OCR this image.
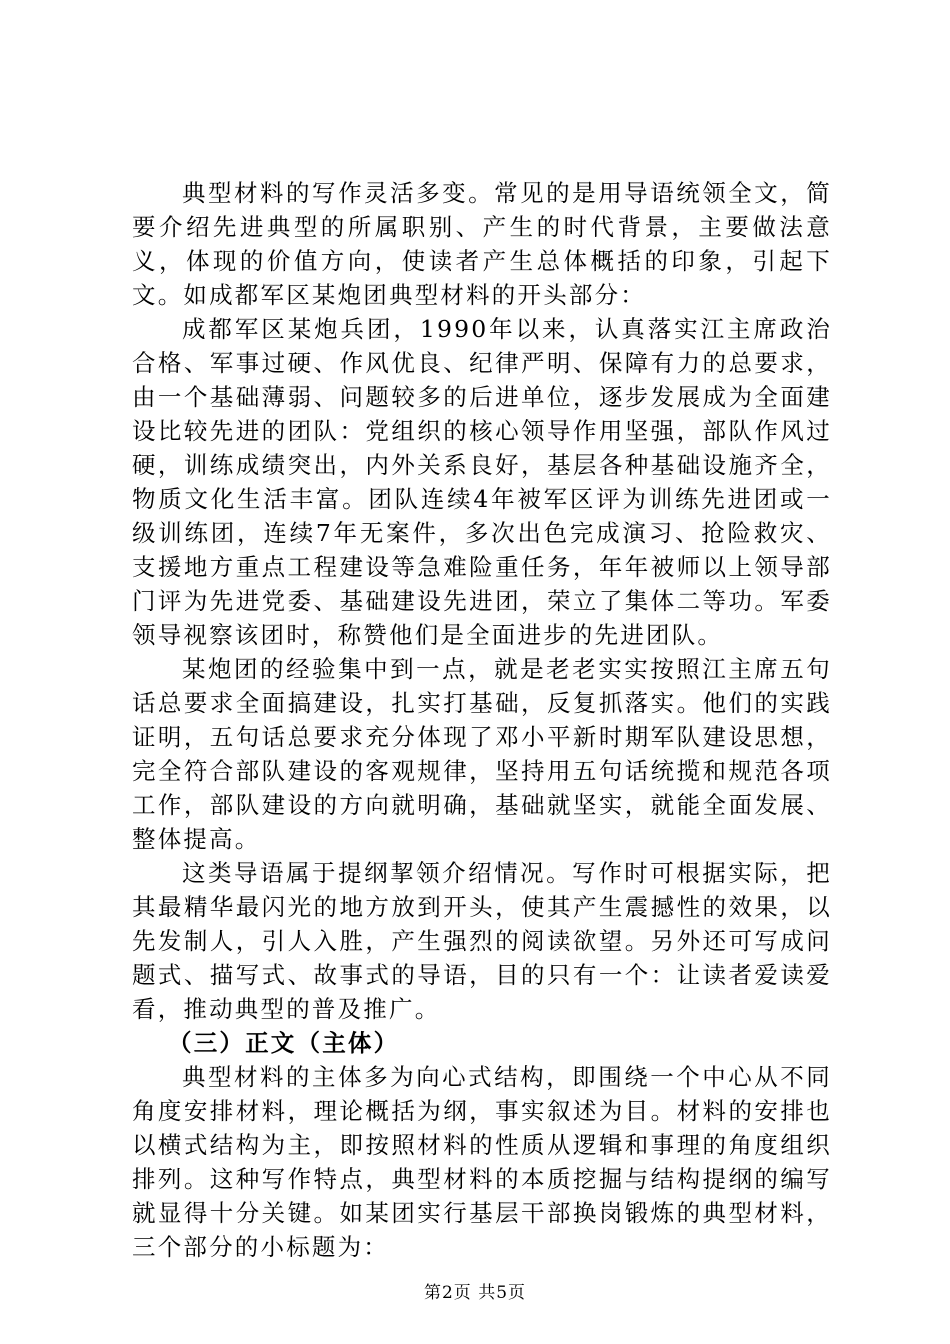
典型材料的写作灵活多变。常见的是用导语统领全文，简要介绍先进典型的所属职别、产生的时代背景，主要做法意义，体现的价值方向，使读者产生总体概括的印象，引起下文。如成都军区某炮团典型材料的开头部分：

成都军区某炮兵团，1990年以来，认真落实江主席政治合格、军事过硬、作风优良、纪律严明、保障有力的总要求，由一个基础薄弱、问题较多的后进单位，逐步发展成为全面建设比较先进的团队：党组织的核心领导作用坚强，部队作风过硬，训练成绩突出，内外关系良好，基层各种基础设施齐全，物质文化生活丰富。团队连续4年被军区评为训练先进团或一级训练团，连续7年无案件，多次出色完成演习、抢险救灾、支援地方重点工程建设等急难险重任务，年年被师以上领导部门评为先进党委、基础建设先进团，荣立了集体二等功。军委领导视察该团时，称赞他们是全面进步的先进团队。

某炮团的经验集中到一点，就是老老实实按照江主席五句话总要求全面搞建设，扎实打基础，反复抓落实。他们的实践证明，五句话总要求充分体现了邓小平新时期军队建设思想，完全符合部队建设的客观规律，坚持用五句话统揽和规范各项工作，部队建设的方向就明确，基础就坚实，就能全面发展、整体提高。

这类导语属于提纲挈领介绍情况。写作时可根据实际，把其最精华最闪光的地方放到开头，使其产生震撼性的效果，以先发制人，引人入胜，产生强烈的阅读欲望。另外还可写成问题式、描写式、故事式的导语，目的只有一个：让读者爱读爱看，推动典型的普及推广。

（三）正文（主体）

典型材料的主体多为向心式结构，即围绕一个中心从不同角度安排材料，理论概括为纲，事实叙述为目。材料的安排也以横式结构为主，即按照材料的性质从逻辑和事理的角度组织排列。这种写作特点，典型材料的本质挖掘与结构提纲的编写就显得十分关键。如某团实行基层干部换岗锻炼的典型材料，三个部分的小标题为：

第2页 共5页
